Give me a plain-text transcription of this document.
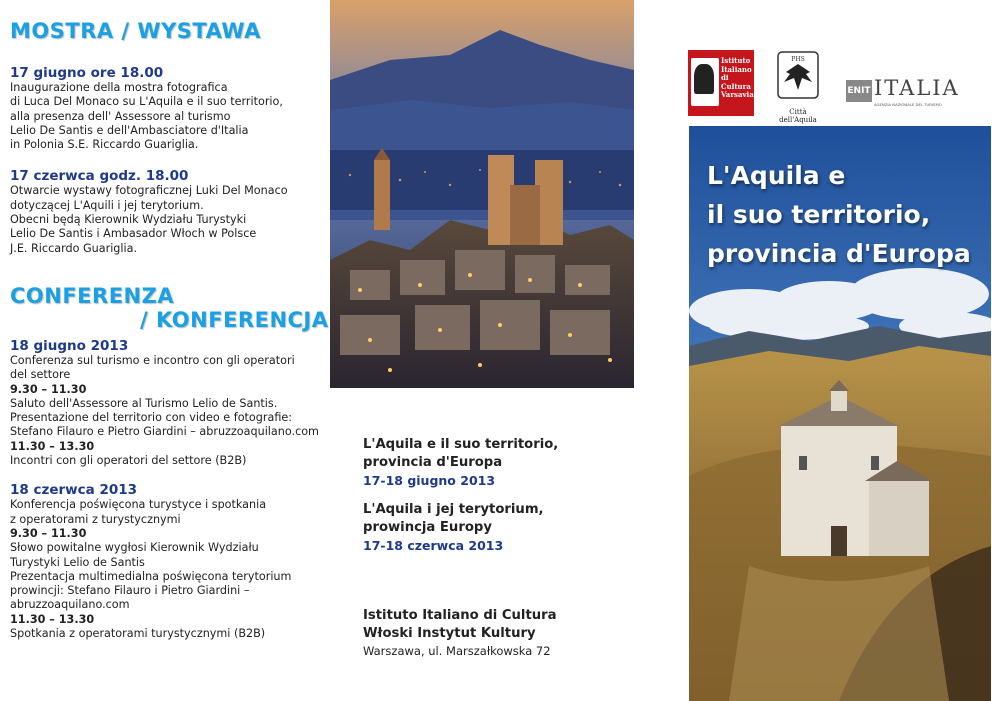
MOSTRA / WYSTAWA

17 giugno ore 18.00

Inaugurazione della mostra fotografica

di Luca Del Monaco su L'Aquila e il suo territorio,

alla presenza dell' Assessore al turismo

Lelio De Santis e dell'Ambasciatore d'Italia

in Polonia S.E. Riccardo Guariglia.

17 czerwca godz. 18.00

Otwarcie wystawy fotograficznej Luki Del Monaco

dotyczącej L'Aquili i jej terytorium.

Obecni będą Kierownik Wydziału Turystyki

Lelio De Santis i Ambasador Włoch w Polsce

J.E. Riccardo Guariglia.

CONFERENZA
/ KONFERENCJA

18 giugno 2013

Conferenza sul turismo e incontro con gli operatori

del settore

9.30 – 11.30

Saluto dell'Assessore al Turismo Lelio de Santis.

Presentazione del territorio con video e fotografie:

Stefano Filauro e Pietro Giardini – abruzzoaquilano.com

11.30 – 13.30

Incontri con gli operatori del settore (B2B)

18 czerwca 2013

Konferencja poświęcona turystyce i spotkania

z operatorami z turystycznymi

9.30 – 11.30

Słowo powitalne wygłosi Kierownik Wydziału

Turystyki Lelio de Santis

Prezentacja multimedialna poświęcona terytorium

prowincji: Stefano Filauro i Pietro Giardini –

abruzzoaquilano.com

11.30 – 13.30

Spotkania z operatorami turystycznymi (B2B)

L'Aquila e il suo territorio,

provincia d'Europa

17-18 giugno 2013

L'Aquila i jej terytorium,

prowincja Europy

17-18 czerwca 2013

Istituto Italiano di Cultura

Włoski Instytut Kultury

Warszawa, ul. Marszałkowska 72

Istituto
Italiano
di
Cultura
Varsavia
PHS
Città dell'Aquila
ENIT ITALIA
AGENZIA NAZIONALE DEL TURISMO
L'Aquila e
il suo territorio,
provincia d'Europa
